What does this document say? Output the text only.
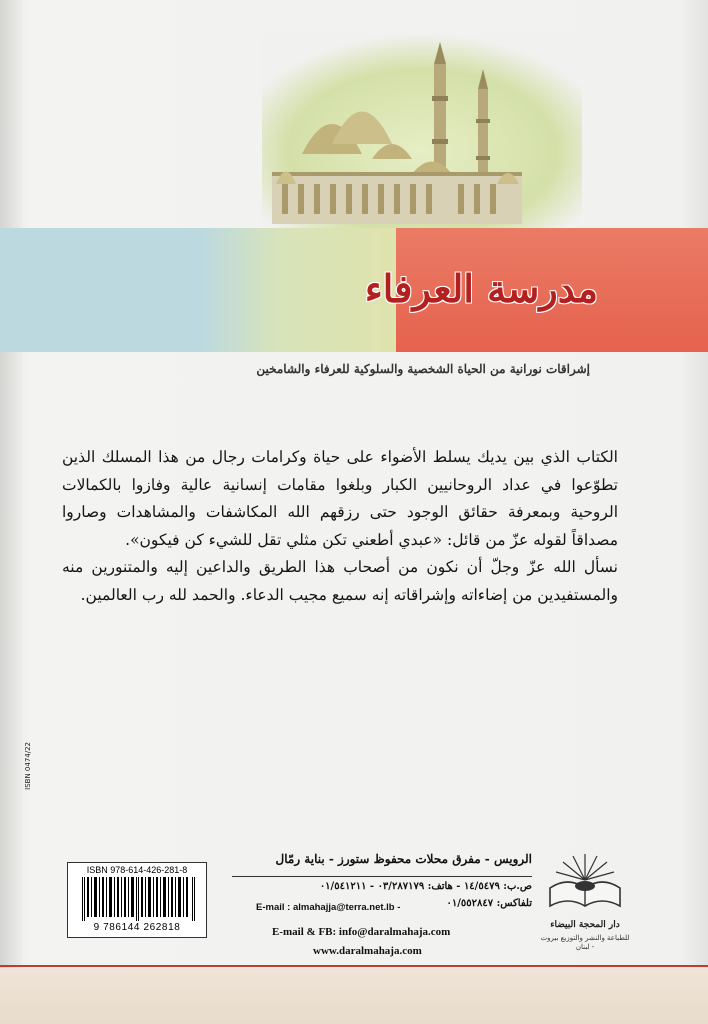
مدرسة العرفاء
إشراقات نورانية من الحياة الشخصية والسلوكية للعرفاء والشامخين

الكتاب الذي بين يديك يسلط الأضواء على حياة وكرامات رجال من هذا المسلك الذين تطوّعوا في عداد الروحانيين الكبار وبلغوا مقامات إنسانية عالية وفازوا بالكمالات الروحية وبمعرفة حقائق الوجود حتى رزقهم الله المكاشفات والمشاهدات وصاروا مصداقاً لقوله عزّ من قائل: «عبدي أطعني تكن مثلي تقل للشيء كن فيكون».

نسأل الله عزّ وجلّ أن نكون من أصحاب هذا الطريق والداعين إليه والمتنورين منه والمستفيدين من إضاءاته وإشراقاته إنه سميع مجيب الدعاء. والحمد لله رب العالمين.

ISBN 0474/22
ISBN 978-614-426-281-8
9 786144 262818
الرويس - مفرق محلات محفوظ ستورز - بناية رمّال
ص.ب: ١٤/٥٤٧٩ - هاتف: ٠٣/٢٨٧١٧٩ - ٠١/٥٤١٢١١
تلفاكس: ٠١/٥٥٢٨٤٧
E-mail : almahajja@terra.net.lb -
E-mail & FB: info@daralmahaja.com
www.daralmahaja.com
دار المحجة البيضاء
للطباعة والنشر والتوزيع بيروت - لبنان
